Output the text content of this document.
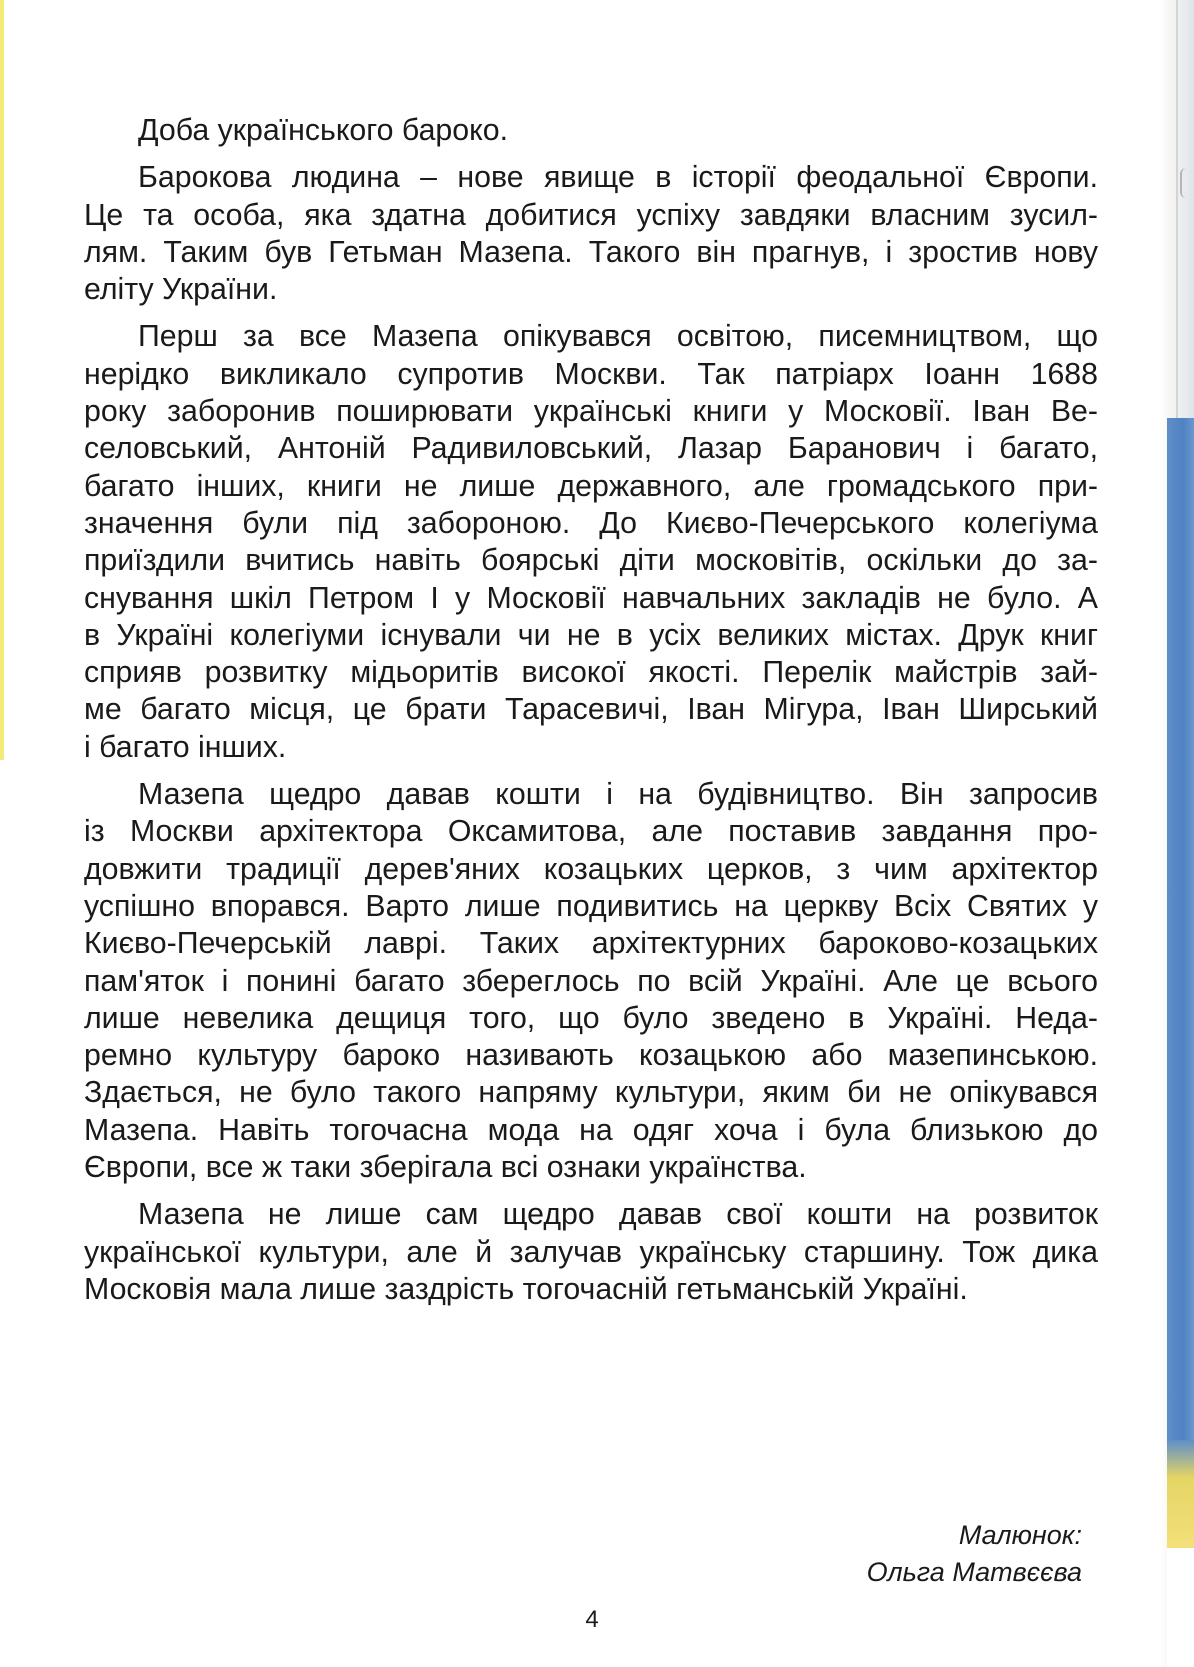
Доба українського бароко.
Барокова людина – нове явище в історії феодальної Європи.
Це та особа, яка здатна добитися успіху завдяки власним зусил-
лям. Таким був Гетьман Мазепа. Такого він прагнув, і зростив нову
еліту України.
Перш за все Мазепа опікувався освітою, писемництвом, що
нерідко викликало супротив Москви. Так патріарх Іоанн 1688
року заборонив поширювати українські книги у Московії. Іван Ве-
селовський, Антоній Радивиловський, Лазар Баранович і багато,
багато інших, книги не лише державного, але громадського при-
значення були під забороною. До Києво-Печерського колегіума
приїздили вчитись навіть боярські діти московітів, оскільки до за-
снування шкіл Петром І у Московії навчальних закладів не було. А
в Україні колегіуми існували чи не в усіх великих містах. Друк книг
сприяв розвитку мідьоритів високої якості. Перелік майстрів зай-
ме багато місця, це брати Тарасевичі, Іван Мігура, Іван Ширський
і багато інших.
Мазепа щедро давав кошти і на будівництво. Він запросив
із Москви архітектора Оксамитова, але поставив завдання про-
довжити традиції дерев'яних козацьких церков, з чим архітектор
успішно впорався. Варто лише подивитись на церкву Всіх Святих у
Києво-Печерській лаврі. Таких архітектурних бароково-козацьких
пам'яток і понині багато збереглось по всій Україні. Але це всього
лише невелика дещиця того, що було зведено в Україні. Неда-
ремно культуру бароко називають козацькою або мазепинською.
Здається, не було такого напряму культури, яким би не опікувався
Мазепа. Навіть тогочасна мода на одяг хоча і була близькою до
Європи, все ж таки зберігала всі ознаки українства.
Мазепа не лише сам щедро давав свої кошти на розвиток
української культури, але й залучав українську старшину. Тож дика
Московія мала лише заздрість тогочасній гетьманській Україні.
Малюнок:
Ольга Матвєєва
4
